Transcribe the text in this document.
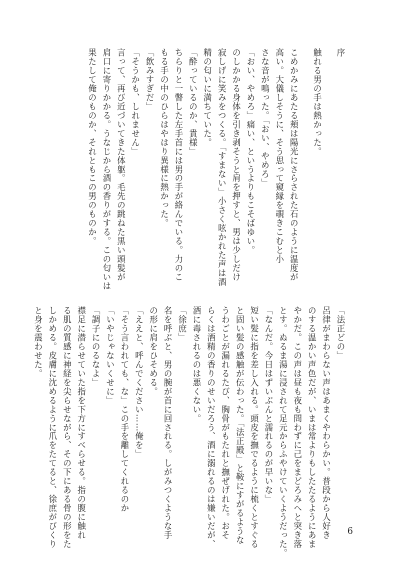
序
触れる男の手は熱かった。
こめかみにあたる頬は陽光にさらされた石のように温度が
高い。大儀しそうに、そう思って窺縁を覗きこむと小
さな音が鳴った。「おい、やめろ」
「おい、やめろ」痛い、というよりもこそばゆい。
のしかかる身体を引き剥そうと肩を押すと、男は少しだけ
寂しげに笑みをつくる。「すまない」小さく呟かれた声は酒
精の匂いに満ちていた。
「酔っているのか、貴様」
ちらりと一瞥した左手首には男の手が絡んでいる。力のこ
もる手の中のひらはやはり異様に熱かった。
「飲みすぎだ」
「そうかも、しれません」
言って、再び近づいてきた体躯。毛先の跳ねた黒い頭髪が
肩口に寄りかかる。うなじから酒の香りがする。この匂いは
果たして俺のものか、それともこの男のものか。
「法正どの」
呂律がまわらない声はあまくやわらかい。普段から人好き
のする温かい声色だが、いまは常よりもしたたるようにあま
やかだ。この声は昼も夜も問わずに己をまどろみへと突き落
とす。ぬるま湯に浸されて足元からふやけていくようだった。
「なんだ。今日はずいぶんと濡れるのが早いな」
短い髪に指を差し入れる。頭皮を撫でるように梳くとすぐる
と固い髪の感触が伝わった。「法正殿」と鞍にすがるような
うわごとが漏れるたび、胸骨がもたれと撫ぜげれた。おそ
らくは酒精の香りのせいだろう、酒に溺れるのは嫌いだが、
酒に毒されるのは悪くない。
「徐庶」
名を呼ぶと、男の腕が首に回される。しがみつくような手
の形に肩をひそめる。
「ええと、呼んでください……俺を」
「そう言われても、な」この手を離してくれるのか
「いやじゃないくせに」
「調子にのるなよ」
襟足に潜らせていた指を下方にすべらせる。指の腹に触れ
る肌の質感に神経を尖らせながら、その下にある骨の形をた
しかめる。皮膚に沈めるように爪をたてると、徐庶がびくり
と身を震わせた。
6
